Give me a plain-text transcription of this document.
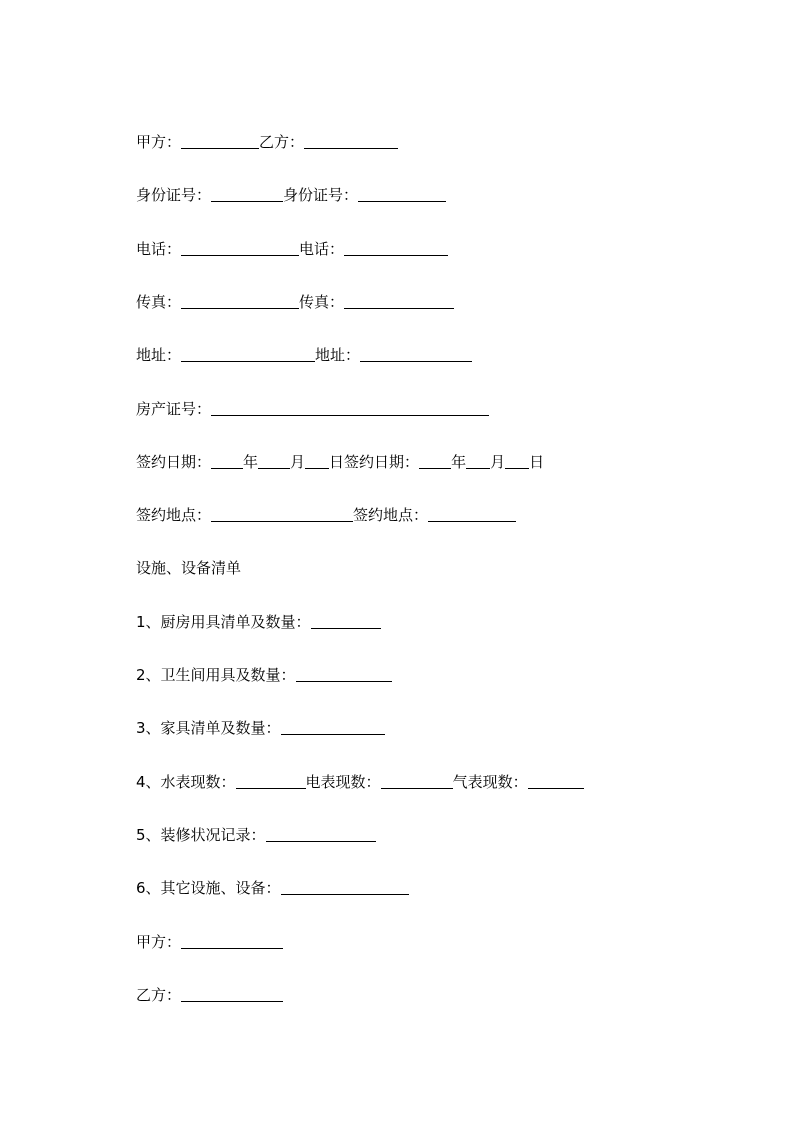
甲方：	乙方：
身份证号：	身份证号：
电话：	电话：
传真：	传真：
地址：	地址：
房产证号：
签约日期： 年 月 日签约日期： 年 月 日
签约地点：	签约地点：
设施、设备清单
1、厨房用具清单及数量：
2、卫生间用具及数量：
3、家具清单及数量：
4、水表现数：	电表现数：	气表现数：
5、装修状况记录：
6、其它设施、设备：
甲方：
乙方：
